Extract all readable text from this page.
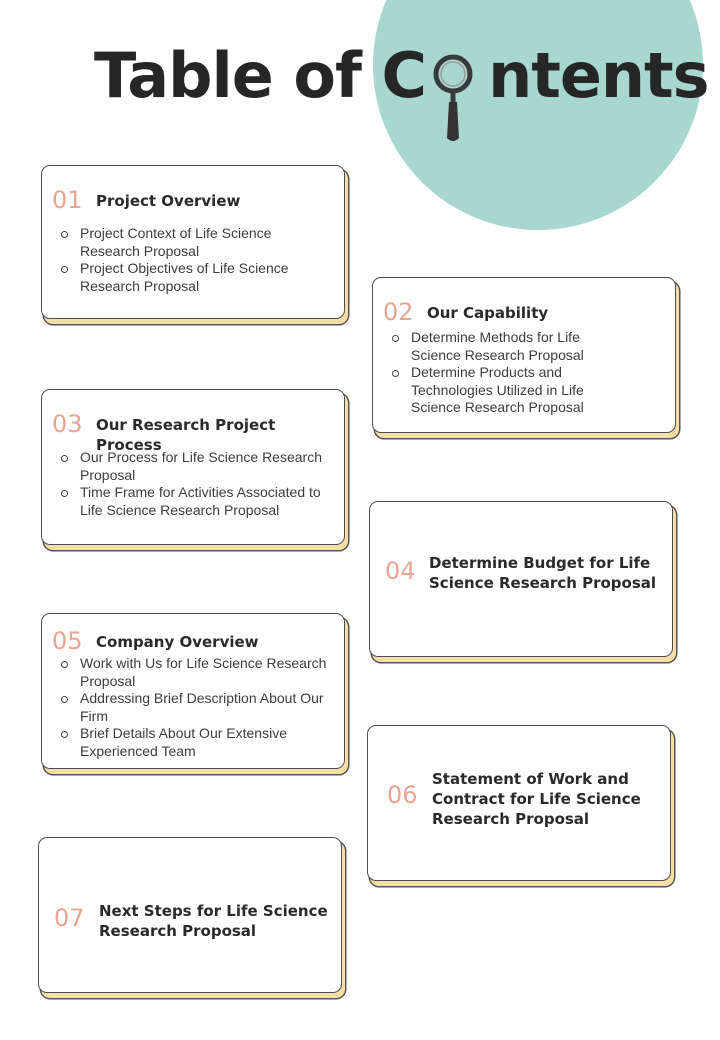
Table of C ntents
01 Project Overview
Project Context of Life Science Research Proposal
Project Objectives of Life Science Research Proposal
02 Our Capability
Determine Methods for Life Science Research Proposal
Determine Products and Technologies Utilized in Life Science Research Proposal
03 Our Research Project Process
Our Process for Life Science Research Proposal
Time Frame for Activities Associated to Life Science Research Proposal
04 Determine Budget for Life Science Research Proposal
05 Company Overview
Work with Us for Life Science Research Proposal
Addressing Brief Description About Our Firm
Brief Details About Our Extensive Experienced Team
06
Statement of Work and Contract for Life Science Research Proposal
07 Next Steps for Life Science Research Proposal
